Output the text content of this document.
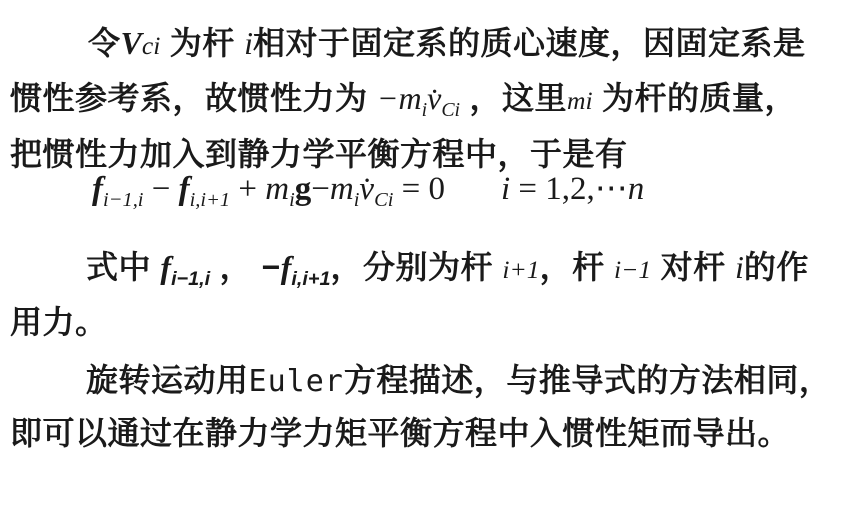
令Vci 为杆 i相对于固定系的质心速度，因固定系是
惯性参考系，故惯性力为 $-m_iv̇_{Ci}$ ，这里mi 为杆的质量，
把惯性力加入到静力学平衡方程中，于是有
$f_{i-1,i} - f_{i,i+1}$ + $m_ig-m_iv̇_{Ci} = 0$ i = 1,2,⋯n
式中 $f_{i-1,i}$ ， $-f_{i,i+1}$，分别为杆 i+1，杆 i−1 对杆 i的作
用力。
旋转运动用Euler方程描述，与推导式的方法相同，
即可以通过在静力学力矩平衡方程中入惯性矩而导出。
